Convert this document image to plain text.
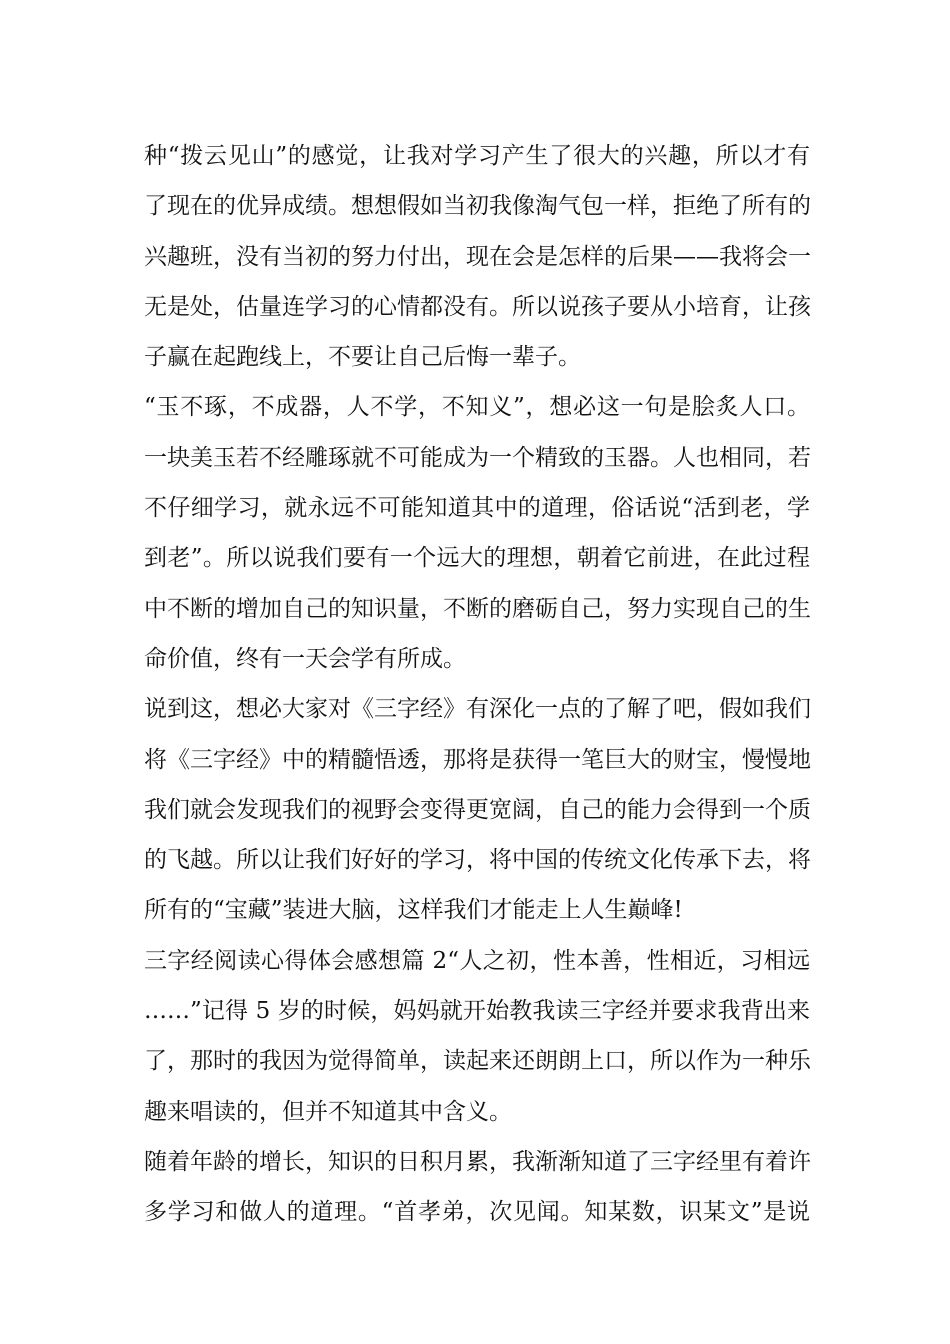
种“拨云见山”的感觉，让我对学习产生了很大的兴趣，所以才有
了现在的优异成绩。想想假如当初我像淘气包一样，拒绝了所有的
兴趣班，没有当初的努力付出，现在会是怎样的后果——我将会一
无是处，估量连学习的心情都没有。所以说孩子要从小培育，让孩
子赢在起跑线上，不要让自己后悔一辈子。
“玉不琢，不成器，人不学，不知义”，想必这一句是脍炙人口。
一块美玉若不经雕琢就不可能成为一个精致的玉器。人也相同，若
不仔细学习，就永远不可能知道其中的道理，俗话说“活到老，学
到老”。所以说我们要有一个远大的理想，朝着它前进，在此过程
中不断的增加自己的知识量，不断的磨砺自己，努力实现自己的生
命价值，终有一天会学有所成。
说到这，想必大家对《三字经》有深化一点的了解了吧，假如我们
将《三字经》中的精髓悟透，那将是获得一笔巨大的财宝，慢慢地
我们就会发现我们的视野会变得更宽阔，自己的能力会得到一个质
的飞越。所以让我们好好的学习，将中国的传统文化传承下去，将
所有的“宝藏”装进大脑，这样我们才能走上人生巅峰!
三字经阅读心得体会感想篇 2“人之初，性本善，性相近，习相远
……”记得 5 岁的时候，妈妈就开始教我读三字经并要求我背出来
了，那时的我因为觉得简单，读起来还朗朗上口，所以作为一种乐
趣来唱读的，但并不知道其中含义。
随着年龄的增长，知识的日积月累，我渐渐知道了三字经里有着许
多学习和做人的道理。“首孝弟，次见闻。知某数，识某文”是说
